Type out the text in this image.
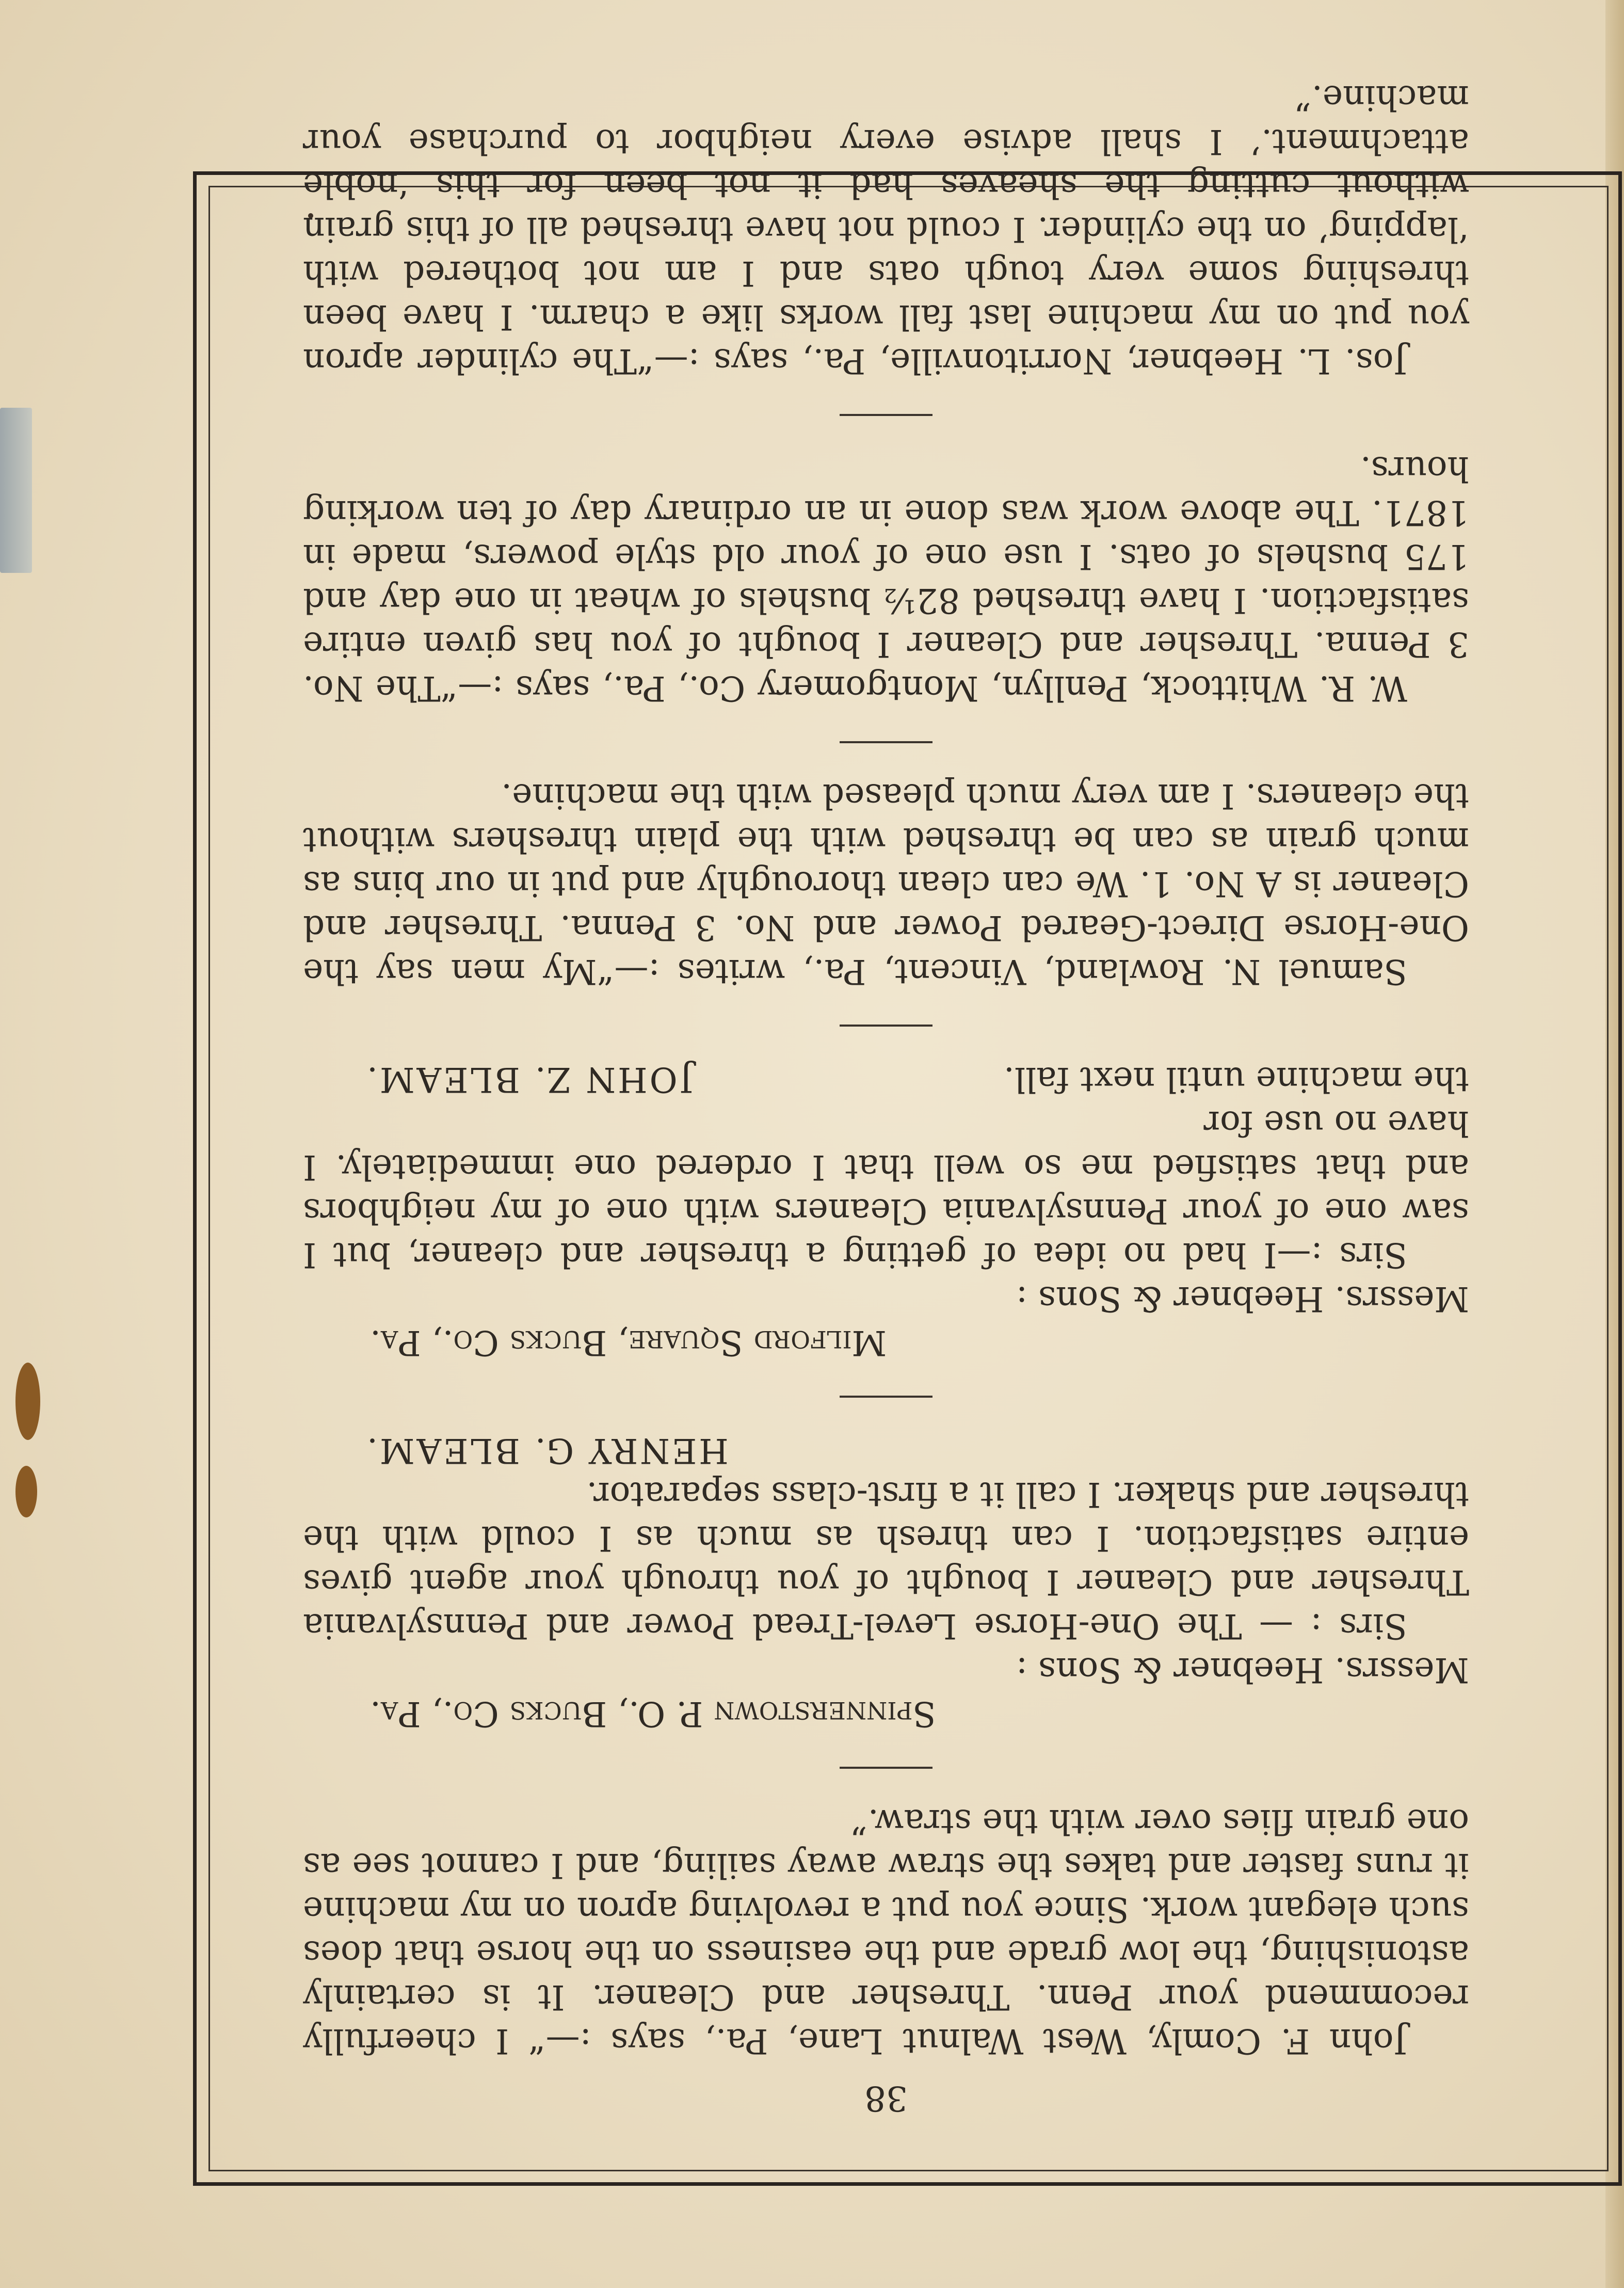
38

John F. Comly, West Walnut Lane, Pa., says :—“ I cheerfully recommend your Penn. Thresher and Cleaner. It is certainly astonishing, the low grade and the easiness on the horse that does such elegant work. Since you put a revolving apron on my machine it runs faster and takes the straw away sailing, and I cannot see as one grain flies over with the straw.”

Spinnerstown P. O., Bucks Co., Pa.

Messrs. Heebner & Sons :

Sirs : — The One-Horse Level-Tread Power and Pennsylvania Thresher and Cleaner I bought of you through your agent gives entire satisfaction. I can thresh as much as I could with the thresher and shaker. I call it a first-class separator.

HENRY G. BLEAM.

Milford Square, Bucks Co., Pa.

Messrs. Heebner & Sons :

Sirs :—I had no idea of getting a thresher and cleaner, but I saw one of your Pennsylvania Cleaners with one of my neighbors and that satisfied me so well that I ordered one immediately. I have no use for

the machine until next fall.
JOHN Z. BLEAM.

Samuel N. Rowland, Vincent, Pa., writes :—“My men say the One-Horse Direct-Geared Power and No. 3 Penna. Thresher and Cleaner is A No. 1. We can clean thoroughly and put in our bins as much grain as can be threshed with the plain threshers without the cleaners. I am very much pleased with the machine.

W. R. Whittock, Penllyn, Montgomery Co., Pa., says :—“The No. 3 Penna. Thresher and Cleaner I bought of you has given entire satisfaction. I have threshed 82½ bushels of wheat in one day and 175 bushels of oats. I use one of your old style powers, made in 1871. The above work was done in an ordinary day of ten working hours.

Jos. L. Heebner, Norritonville, Pa., says :—“The cylinder apron you put on my machine last fall works like a charm. I have been threshing some very tough oats and I am not bothered with ‘lapping’ on the cylinder. I could not have threshed all of this grain without cutting the sheaves had it not been for this ‘noble attachment.’ I shall advise every neighbor to purchase your machine.”
